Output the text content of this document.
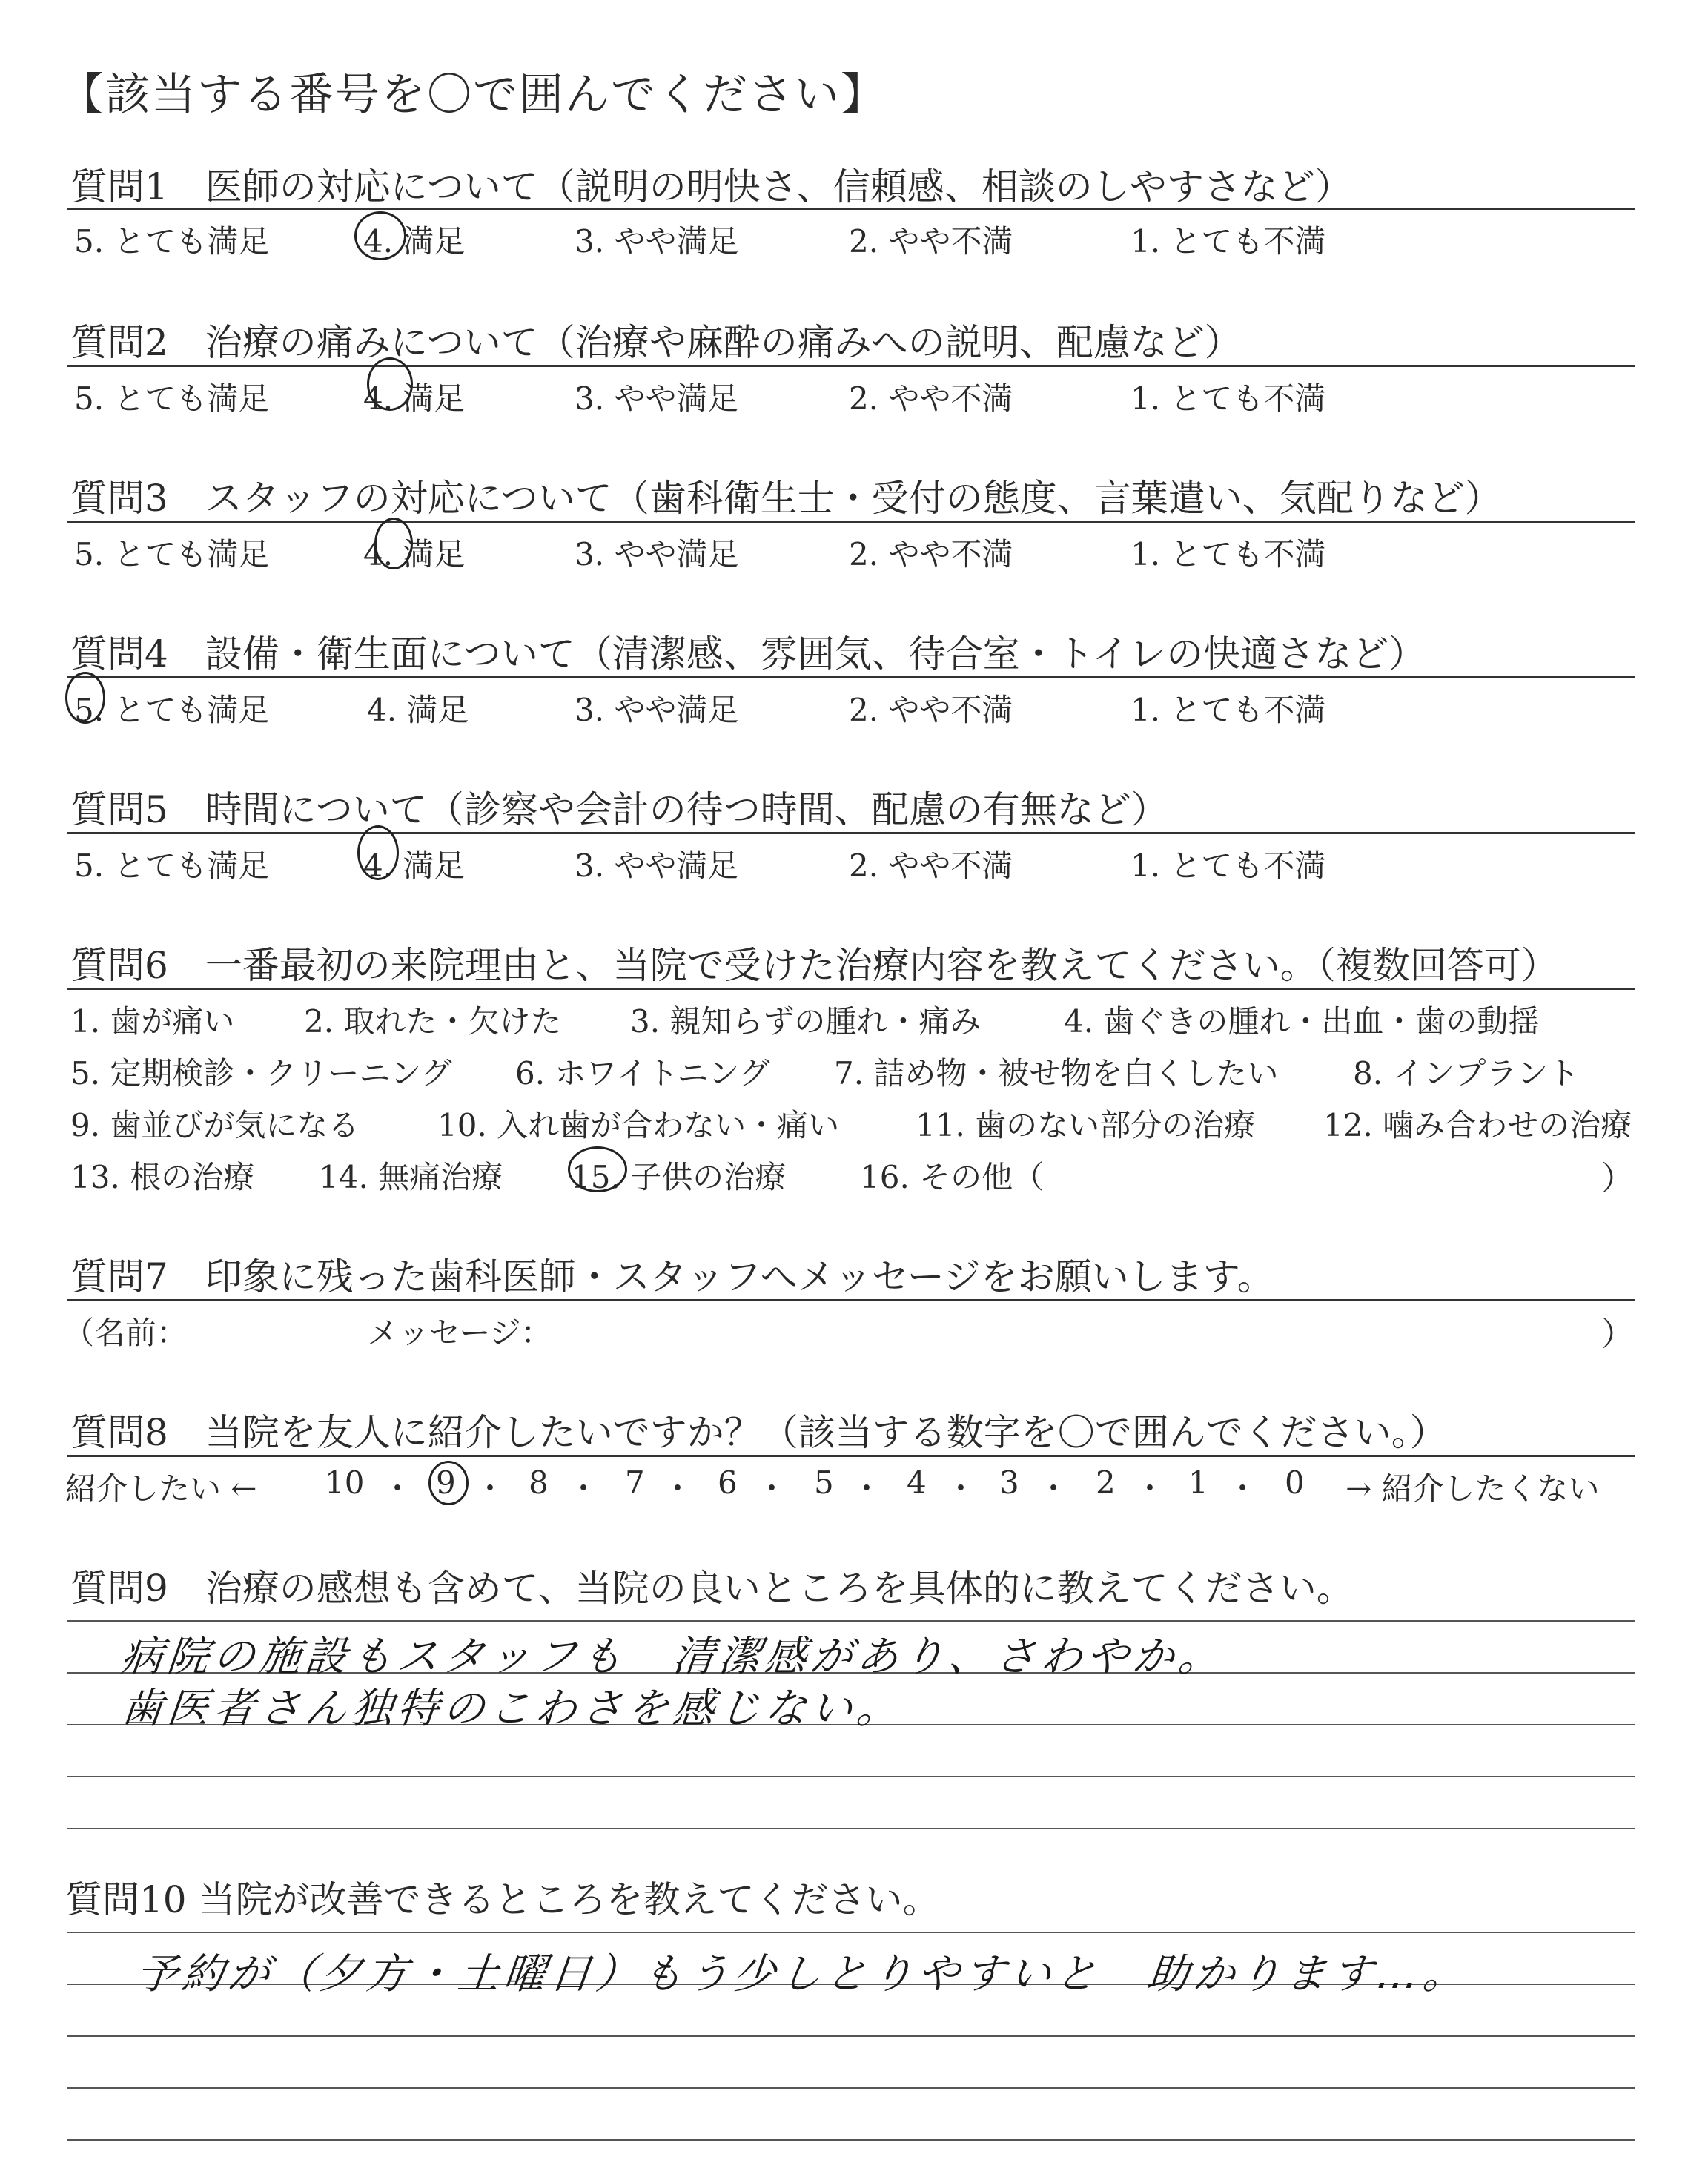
【該当する番号を〇で囲んでください】
質問1　医師の対応について（説明の明快さ、信頼感、相談のしやすさなど）
5. とても満足	4. 満足	3. やや満足	2. やや不満	1. とても不満
質問2　治療の痛みについて（治療や麻酔の痛みへの説明、配慮など）
5. とても満足	4. 満足	3. やや満足	2. やや不満	1. とても不満
質問3　スタッフの対応について（歯科衛生士・受付の態度、言葉遣い、気配りなど）
5. とても満足	4. 満足	3. やや満足	2. やや不満	1. とても不満
質問4　設備・衛生面について（清潔感、雰囲気、待合室・トイレの快適さなど）
5. とても満足	4. 満足	3. やや満足	2. やや不満	1. とても不満
質問5　時間について（診察や会計の待つ時間、配慮の有無など）
5. とても満足	4. 満足	3. やや満足	2. やや不満	1. とても不満
質問6　一番最初の来院理由と、当院で受けた治療内容を教えてください。（複数回答可）
1. 歯が痛い 2. 取れた・欠けた 3. 親知らずの腫れ・痛み	4. 歯ぐきの腫れ・出血・歯の動揺
5. 定期検診・クリーニング 6. ホワイトニング 7. 詰め物・被せ物を白くしたい 8. インプラント
9. 歯並びが気になる	10. 入れ歯が合わない・痛い 11. 歯のない部分の治療 12. 噛み合わせの治療
13. 根の治療 14. 無痛治療 15. 子供の治療 16. その他（	）
質問7　印象に残った歯科医師・スタッフへメッセージをお願いします。
（名前：	メッセージ：	）
質問8　当院を友人に紹介したいですか？（該当する数字を〇で囲んでください。）
紹介したい ←	→ 紹介したくない
10 ・ 9 ・ 8 ・ 7 ・ 6 ・ 5 ・ 4 ・ 3 ・ 2 ・ 1 ・ 0
質問9　治療の感想も含めて、当院の良いところを具体的に教えてください。
病院の施設もスタッフも　清潔感があり、さわやか。
歯医者さん独特のこわさを感じない。
質問10 当院が改善できるところを教えてください。
予約が（夕方・土曜日）もう少しとりやすいと　助かります…。
